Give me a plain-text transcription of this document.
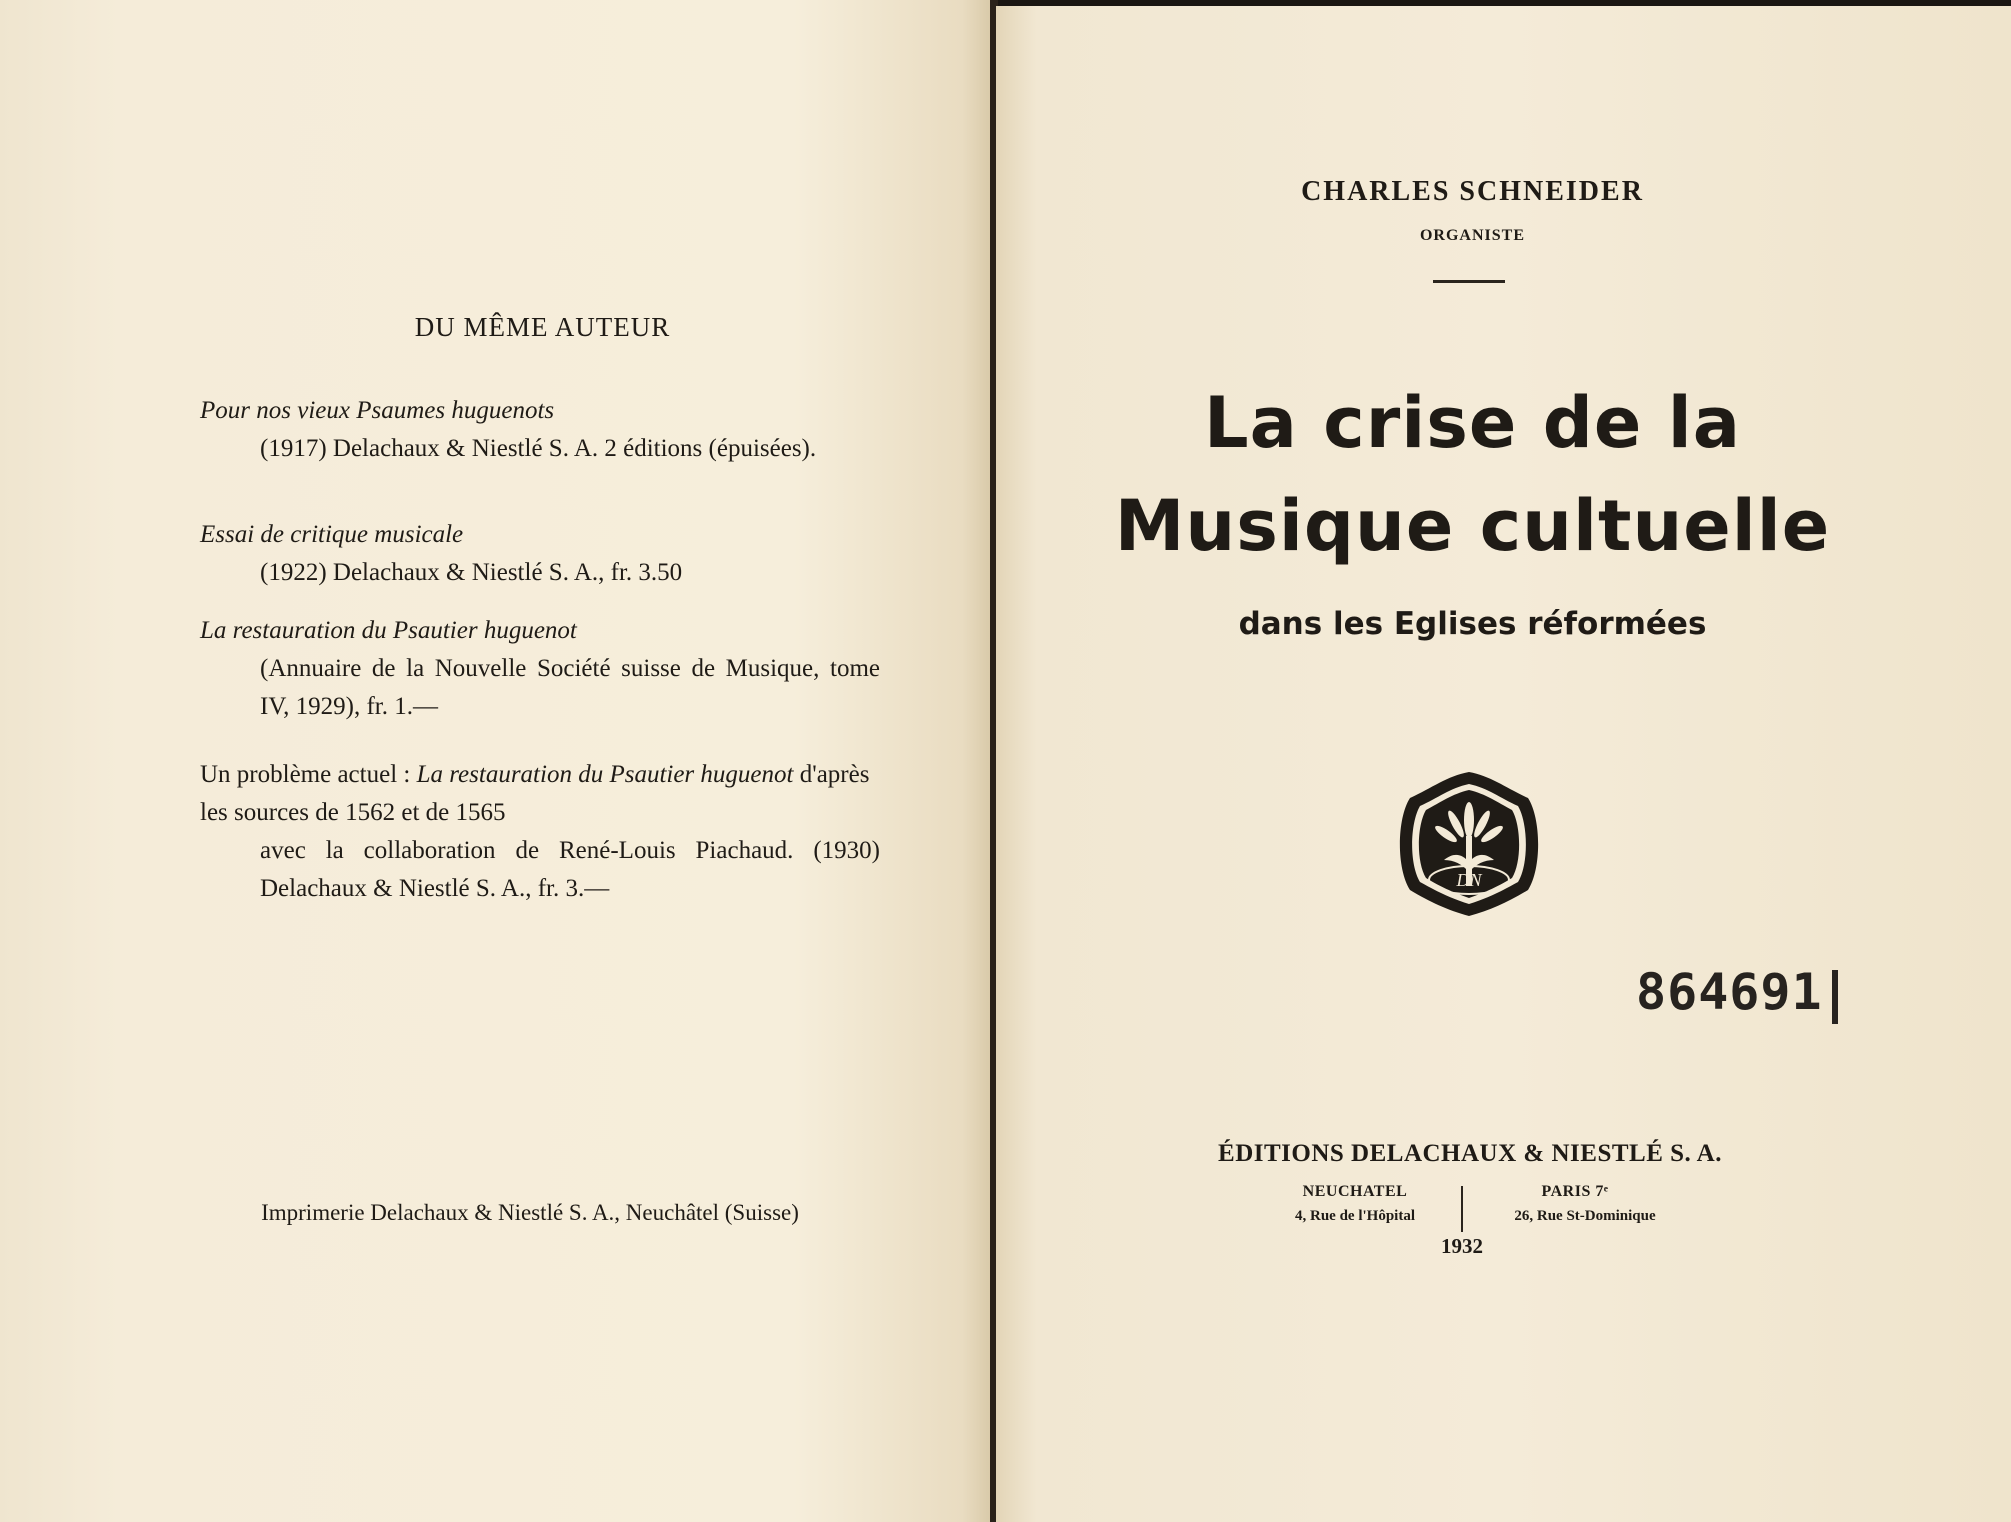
DU MÊME AUTEUR
Pour nos vieux Psaumes huguenots
(1917) Delachaux & Niestlé S. A. 2 éditions (épuisées).
Essai de critique musicale
(1922) Delachaux & Niestlé S. A., fr. 3.50
La restauration du Psautier huguenot
(Annuaire de la Nouvelle Société suisse de Musique, tome IV, 1929), fr. 1.—
Un problème actuel : La restauration du Psautier huguenot d'après les sources de 1562 et de 1565
avec la collaboration de René-Louis Piachaud. (1930) Delachaux & Niestlé S. A., fr. 3.—
Imprimerie Delachaux & Niestlé S. A., Neuchâtel (Suisse)
CHARLES SCHNEIDER
ORGANISTE
La crise de la
Musique cultuelle
dans les Eglises réformées
DN
864691
ÉDITIONS DELACHAUX & NIESTLÉ S. A.
NEUCHATEL
4, Rue de l'Hôpital
PARIS 7ᵉ
26, Rue St-Dominique
1932
